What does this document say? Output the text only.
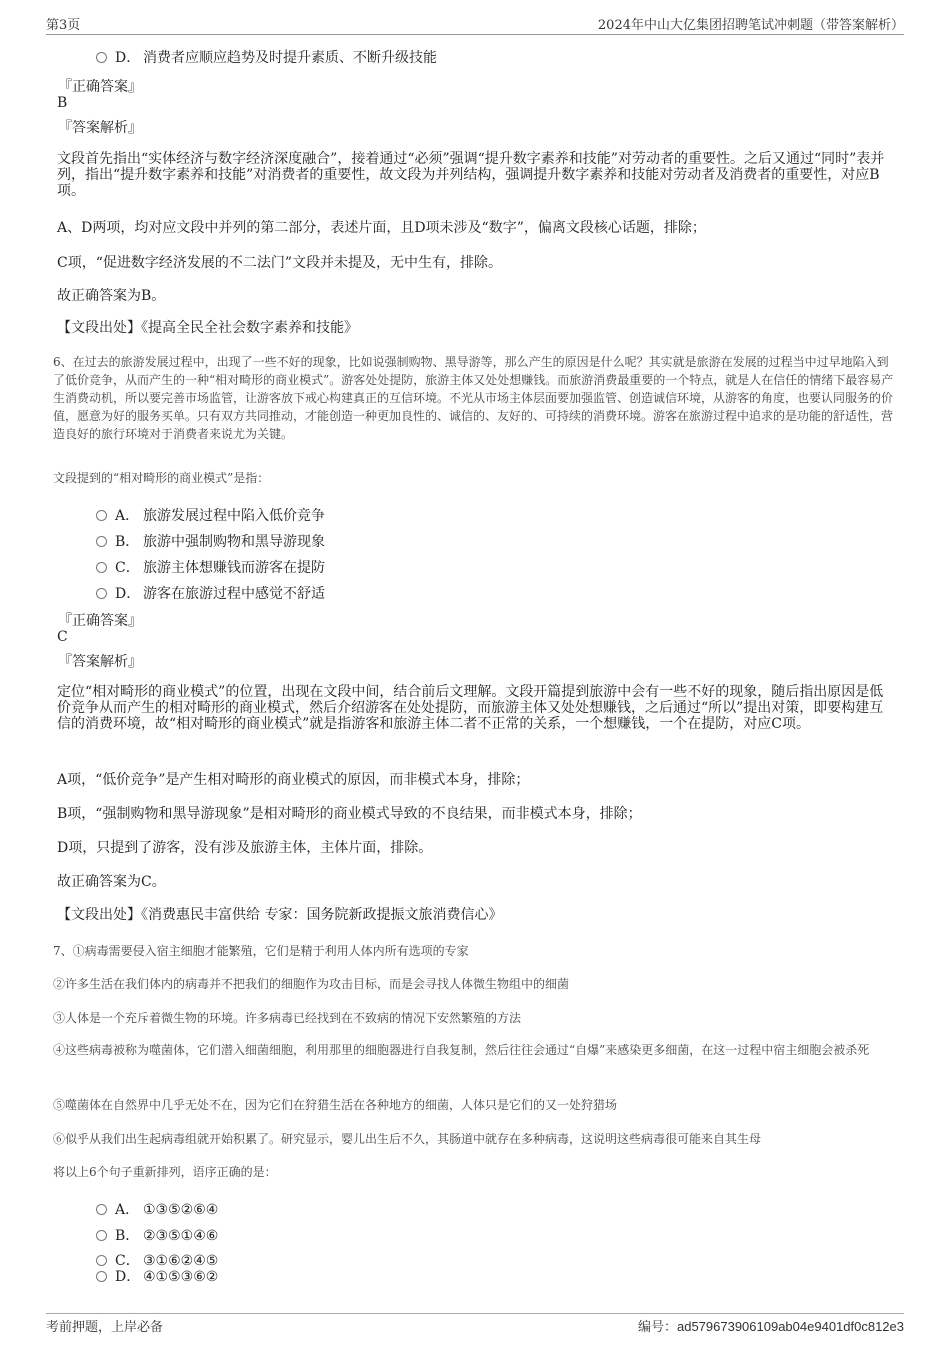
第3页	2024年中山大亿集团招聘笔试冲刺题（带答案解析）
D． 消费者应顺应趋势及时提升素质、不断升级技能
『正确答案』
B
『答案解析』
文段首先指出“实体经济与数字经济深度融合”，接着通过“必须”强调“提升数字素养和技能”对劳动者的重要性。之后又通过“同时”表并列，指出“提升数字素养和技能”对消费者的重要性，故文段为并列结构，强调提升数字素养和技能对劳动者及消费者的重要性，对应B项。
A、D两项，均对应文段中并列的第二部分，表述片面，且D项未涉及“数字”，偏离文段核心话题，排除；
C项，“促进数字经济发展的不二法门”文段并未提及，无中生有，排除。
故正确答案为B。
【文段出处】《提高全民全社会数字素养和技能》
6、在过去的旅游发展过程中，出现了一些不好的现象，比如说强制购物、黑导游等，那么产生的原因是什么呢？其实就是旅游在发展的过程当中过早地陷入到了低价竞争，从而产生的一种“相对畸形的商业模式”。游客处处提防，旅游主体又处处想赚钱。而旅游消费最重要的一个特点，就是人在信任的情绪下最容易产生消费动机，所以要完善市场监管，让游客放下戒心构建真正的互信环境。不光从市场主体层面要加强监管、创造诚信环境，从游客的角度，也要认同服务的价值，愿意为好的服务买单。只有双方共同推动，才能创造一种更加良性的、诚信的、友好的、可持续的消费环境。游客在旅游过程中追求的是功能的舒适性，营造良好的旅行环境对于消费者来说尤为关键。
文段提到的“相对畸形的商业模式”是指：
A． 旅游发展过程中陷入低价竞争
B． 旅游中强制购物和黑导游现象
C． 旅游主体想赚钱而游客在提防
D． 游客在旅游过程中感觉不舒适
『正确答案』
C
『答案解析』
定位“相对畸形的商业模式”的位置，出现在文段中间，结合前后文理解。文段开篇提到旅游中会有一些不好的现象，随后指出原因是低价竞争从而产生的相对畸形的商业模式，然后介绍游客在处处提防，而旅游主体又处处想赚钱，之后通过“所以”提出对策，即要构建互信的消费环境，故“相对畸形的商业模式”就是指游客和旅游主体二者不正常的关系，一个想赚钱，一个在提防，对应C项。
A项，“低价竞争”是产生相对畸形的商业模式的原因，而非模式本身，排除；
B项，“强制购物和黑导游现象”是相对畸形的商业模式导致的不良结果，而非模式本身，排除；
D项，只提到了游客，没有涉及旅游主体，主体片面，排除。
故正确答案为C。
【文段出处】《消费惠民丰富供给 专家：国务院新政提振文旅消费信心》
7、①病毒需要侵入宿主细胞才能繁殖，它们是精于利用人体内所有选项的专家
②许多生活在我们体内的病毒并不把我们的细胞作为攻击目标，而是会寻找人体微生物组中的细菌
③人体是一个充斥着微生物的环境。许多病毒已经找到在不致病的情况下安然繁殖的方法
④这些病毒被称为噬菌体，它们潜入细菌细胞，利用那里的细胞器进行自我复制，然后往往会通过“自爆”来感染更多细菌，在这一过程中宿主细胞会被杀死
⑤噬菌体在自然界中几乎无处不在，因为它们在狩猎生活在各种地方的细菌，人体只是它们的又一处狩猎场
⑥似乎从我们出生起病毒组就开始积累了。研究显示，婴儿出生后不久，其肠道中就存在多种病毒，这说明这些病毒很可能来自其生母
将以上6个句子重新排列，语序正确的是：
A． ①③⑤②⑥④
B． ②③⑤①④⑥
C． ③①⑥②④⑤
D． ④①⑤③⑥②
考前押题，上岸必备	编号：ad579673906109ab04e9401df0c812e3
